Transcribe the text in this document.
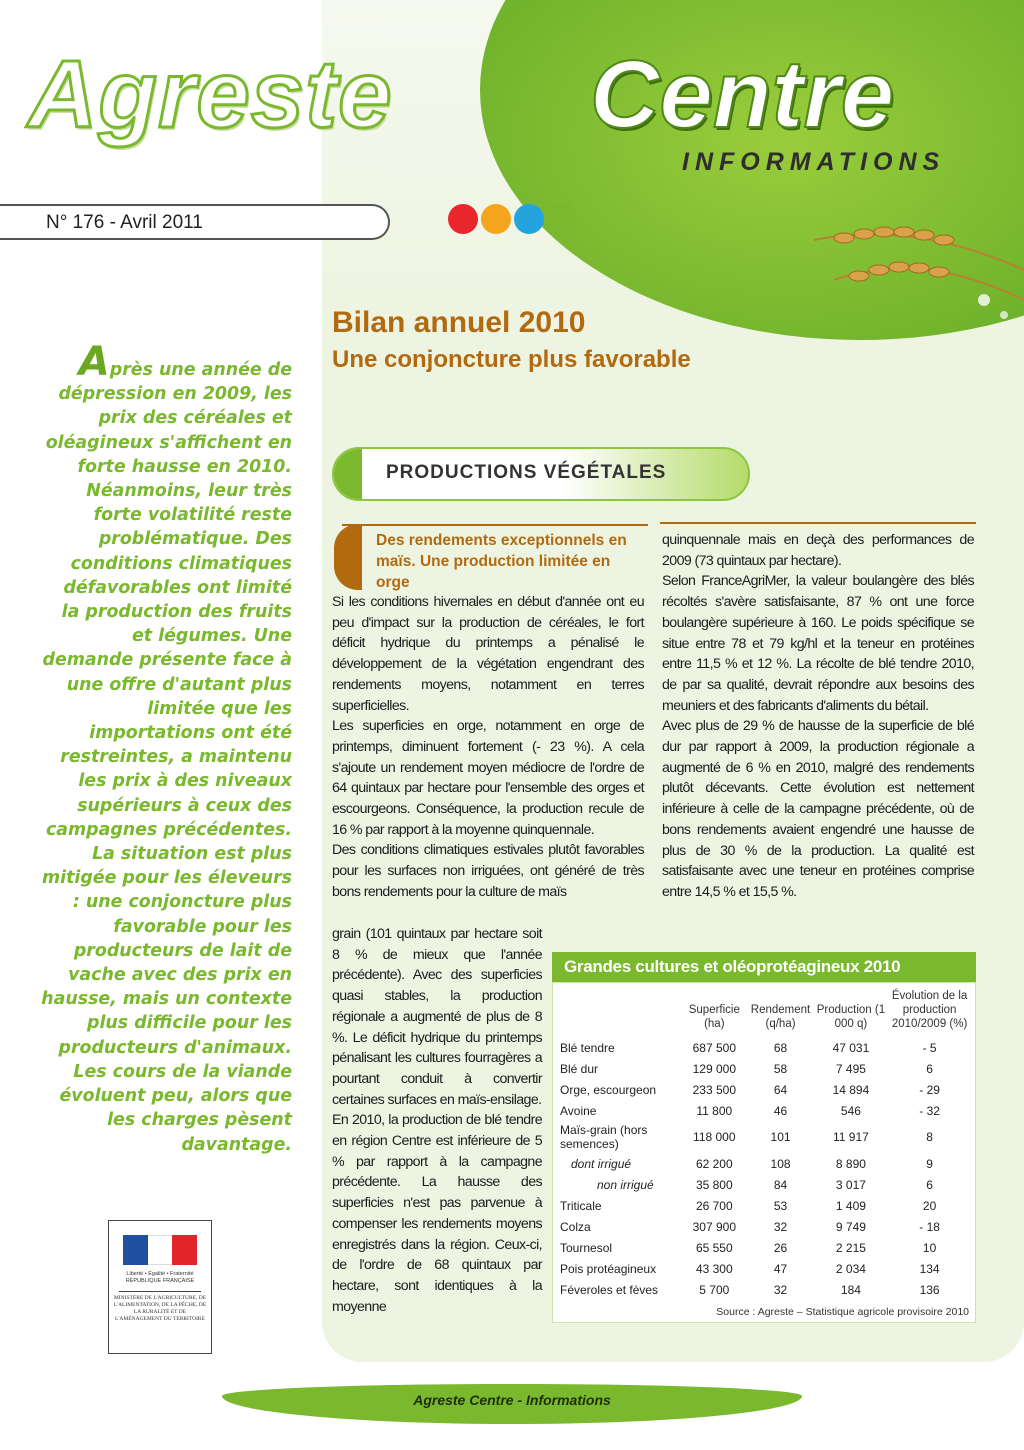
Agreste Centre
INFORMATIONS
N° 176 - Avril 2011
Bilan annuel 2010
Une conjoncture plus favorable
Après une année de dépression en 2009, les prix des céréales et oléagineux s'affichent en forte hausse en 2010. Néanmoins, leur très forte volatilité reste problématique. Des conditions climatiques défavorables ont limité la production des fruits et légumes. Une demande présente face à une offre d'autant plus limitée que les importations ont été restreintes, a maintenu les prix à des niveaux supérieurs à ceux des campagnes précédentes. La situation est plus mitigée pour les éleveurs : une conjoncture plus favorable pour les producteurs de lait de vache avec des prix en hausse, mais un contexte plus difficile pour les producteurs d'animaux. Les cours de la viande évoluent peu, alors que les charges pèsent davantage.
PRODUCTIONS VÉGÉTALES
Des rendements exceptionnels en maïs. Une production limitée en orge

Si les conditions hivernales en début d'année ont eu peu d'impact sur la production de céréales, le fort déficit hydrique du printemps a pénalisé le développement de la végétation engendrant des rendements moyens, notamment en terres superficielles.

Les superficies en orge, notamment en orge de printemps, diminuent fortement (- 23 %). A cela s'ajoute un rendement moyen médiocre de l'ordre de 64 quintaux par hectare pour l'ensemble des orges et escourgeons. Conséquence, la production recule de 16 % par rapport à la moyenne quinquennale.

Des conditions climatiques estivales plutôt favorables pour les surfaces non irriguées, ont généré de très bons rendements pour la culture de maïs

grain (101 quintaux par hectare soit 8 % de mieux que l'année précédente). Avec des superficies quasi stables, la production régionale a augmenté de plus de 8 %. Le déficit hydrique du printemps pénalisant les cultures fourragères a pourtant conduit à convertir certaines surfaces en maïs-ensilage.

En 2010, la production de blé tendre en région Centre est inférieure de 5 % par rapport à la campagne précédente. La hausse des superficies n'est pas parvenue à compenser les rendements moyens enregistrés dans la région. Ceux-ci, de l'ordre de 68 quintaux par hectare, sont identiques à la moyenne

quinquennale mais en deçà des performances de 2009 (73 quintaux par hectare).

Selon FranceAgriMer, la valeur boulangère des blés récoltés s'avère satisfaisante, 87 % ont une force boulangère supérieure à 160. Le poids spécifique se situe entre 78 et 79 kg/hl et la teneur en protéines entre 11,5 % et 12 %. La récolte de blé tendre 2010, de par sa qualité, devrait répondre aux besoins des meuniers et des fabricants d'aliments du bétail.

Avec plus de 29 % de hausse de la superficie de blé dur par rapport à 2009, la production régionale a augmenté de 6 % en 2010, malgré des rendements plutôt décevants. Cette évolution est nettement inférieure à celle de la campagne précédente, où de bons rendements avaient engendré une hausse de plus de 30 % de la production. La qualité est satisfaisante avec une teneur en protéines comprise entre 14,5 % et 15,5 %.

Grandes cultures et oléoprotéagineux 2010
	Superficie (ha)	Rendement (q/ha)	Production (1 000 q)	Évolution de la production 2010/2009 (%)
Blé tendre	687 500	68	47 031	- 5
Blé dur	129 000	58	7 495	6
Orge, escourgeon	233 500	64	14 894	- 29
Avoine	11 800	46	546	- 32
Maïs-grain (hors semences)	118 000	101	11 917	8
dont irrigué	62 200	108	8 890	9
non irrigué	35 800	84	3 017	6
Triticale	26 700	53	1 409	20
Colza	307 900	32	9 749	- 18
Tournesol	65 550	26	2 215	10
Pois protéagineux	43 300	47	2 034	134
Féveroles et fèves	5 700	32	184	136
Source : Agreste – Statistique agricole provisoire 2010
Liberté • Égalité • Fraternité RÉPUBLIQUE FRANÇAISE
MINISTÈRE DE L'AGRICULTURE, DE L'ALIMENTATION, DE LA PÊCHE, DE LA RURALITÉ ET DE L'AMÉNAGEMENT DU TERRITOIRE
Agreste Centre - Informations
